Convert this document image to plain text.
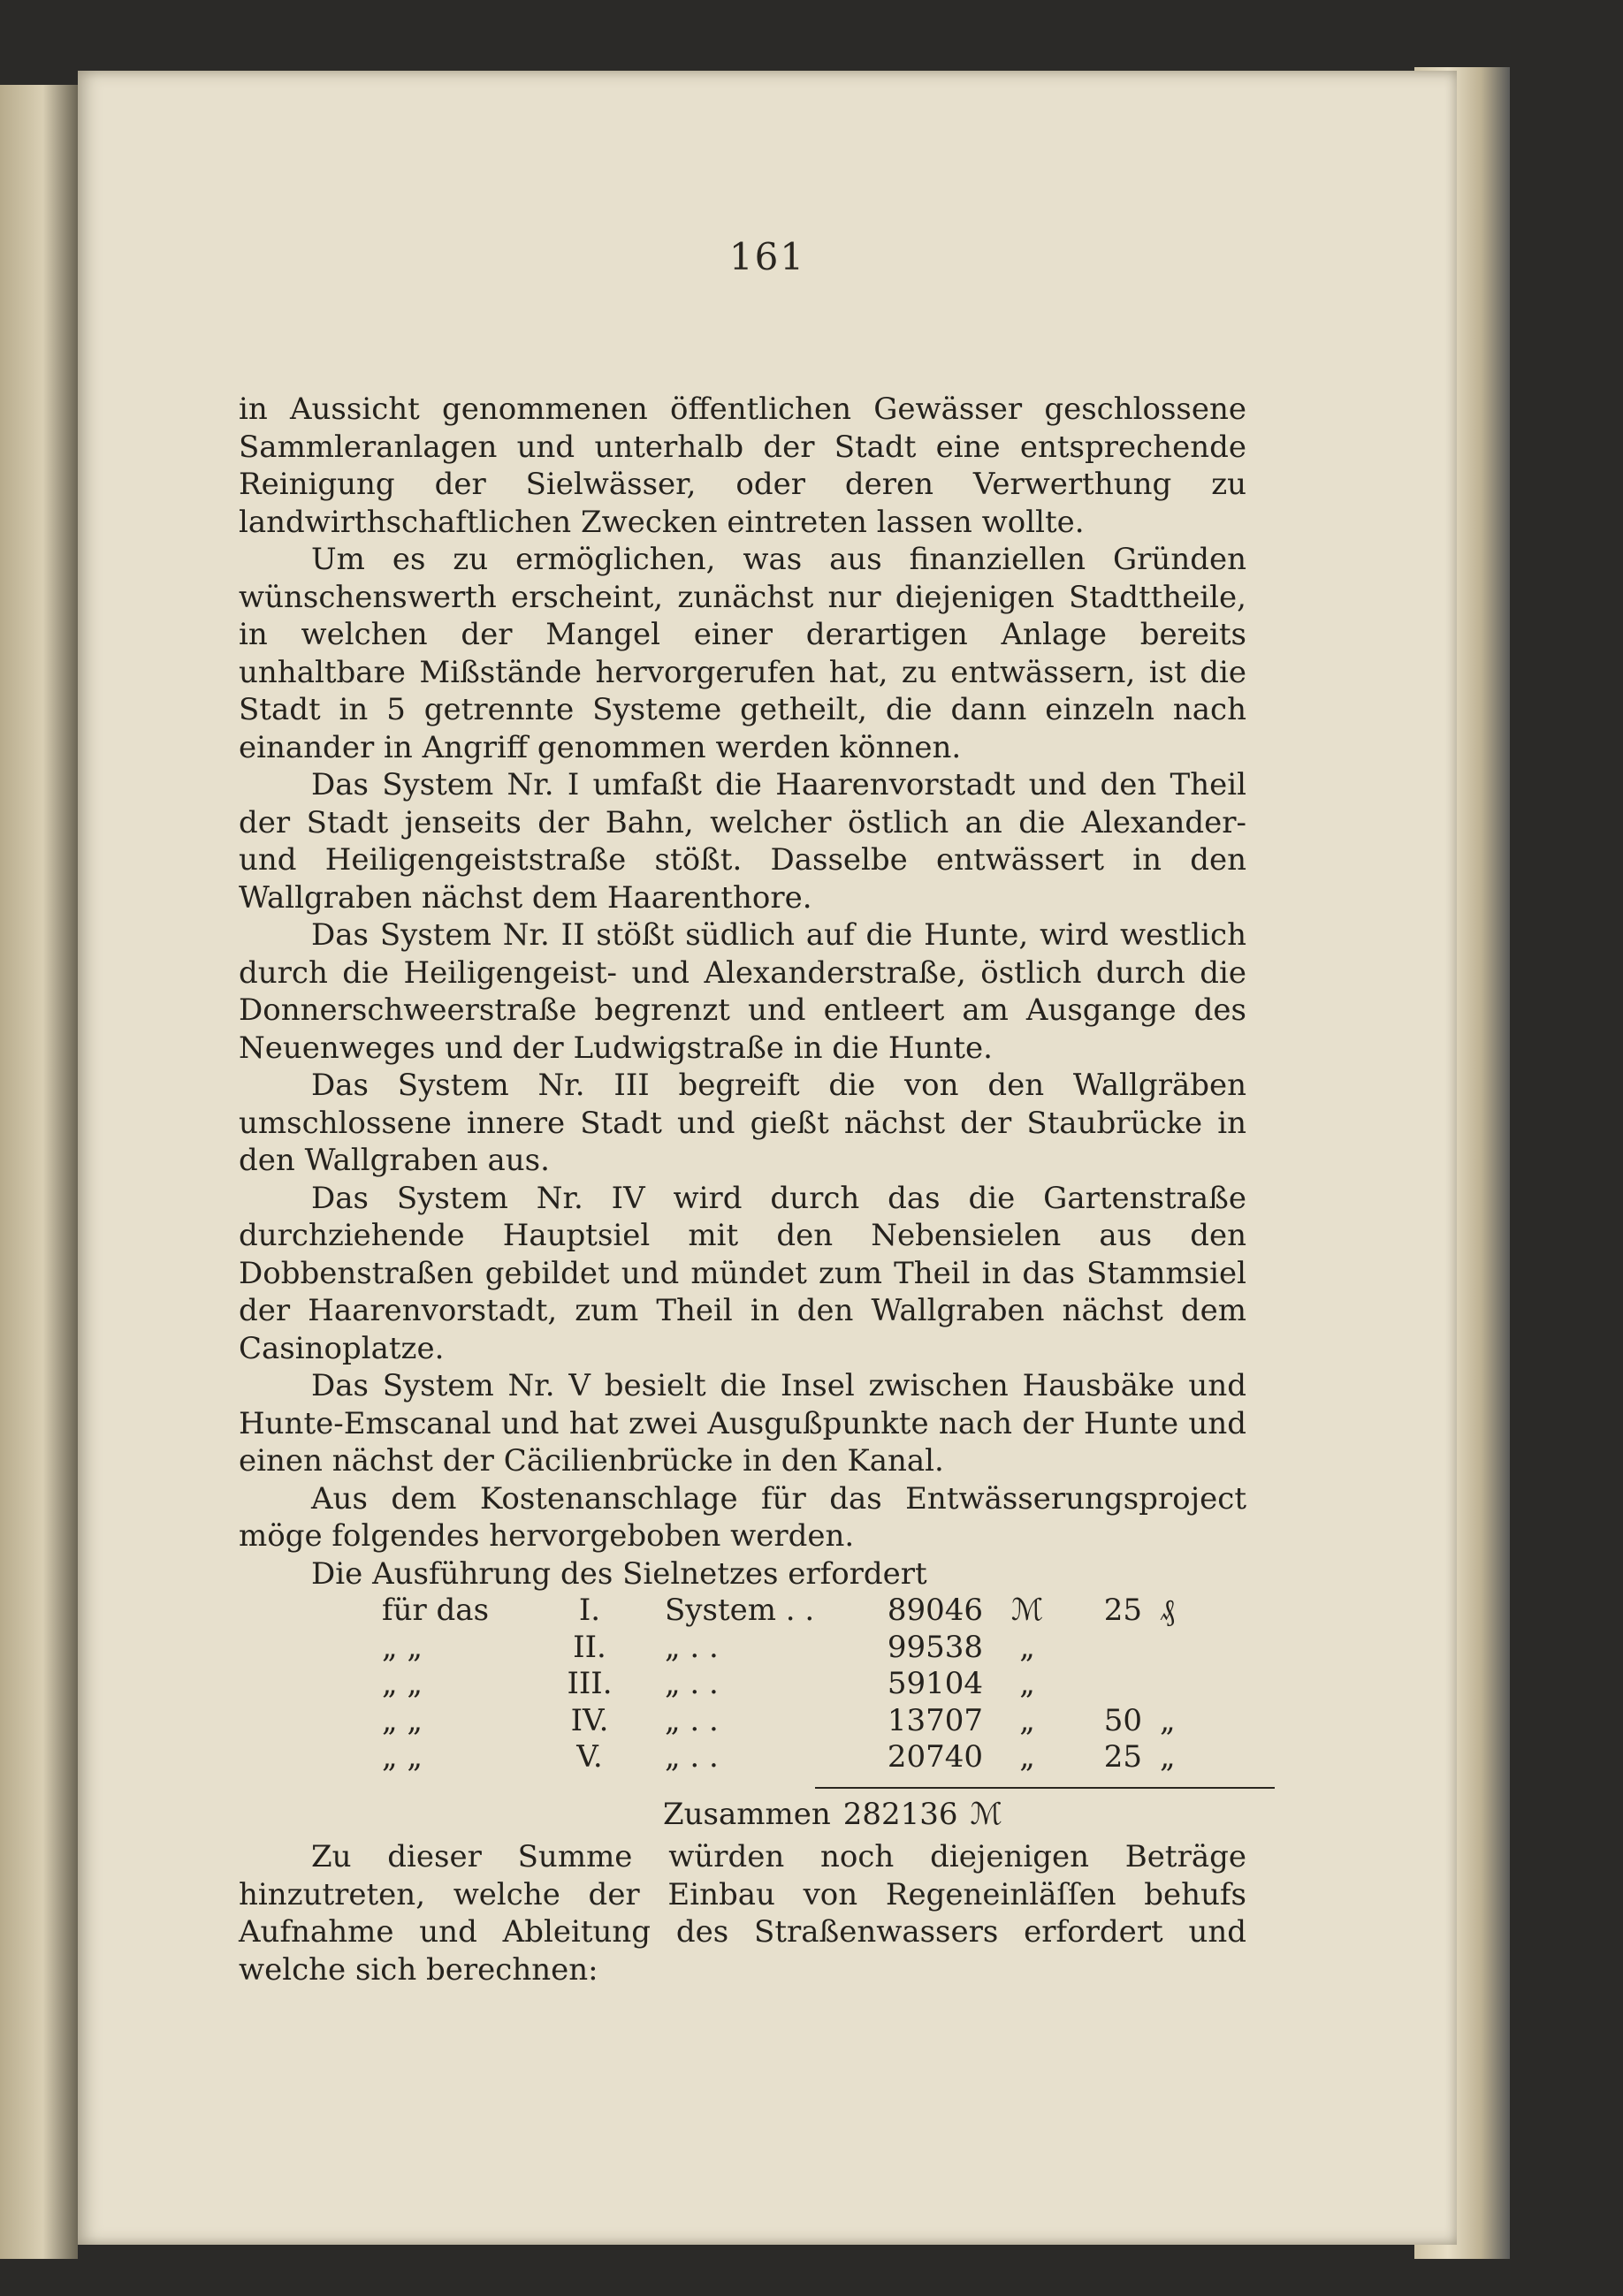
161

in Aussicht genommenen öffentlichen Gewässer geschlossene Sammleranlagen und unterhalb der Stadt eine entsprechende Reinigung der Sielwässer, oder deren Verwerthung zu landwirthschaftlichen Zwecken eintreten lassen wollte.

Um es zu ermöglichen, was aus finanziellen Gründen wünschenswerth erscheint, zunächst nur diejenigen Stadttheile, in welchen der Mangel einer derartigen Anlage bereits unhaltbare Mißstände hervorgerufen hat, zu entwässern, ist die Stadt in 5 getrennte Systeme getheilt, die dann einzeln nach einander in Angriff genommen werden können.

Das System Nr. I umfaßt die Haarenvorstadt und den Theil der Stadt jenseits der Bahn, welcher östlich an die Alexander- und Heiligengeiststraße stößt. Dasselbe entwässert in den Wallgraben nächst dem Haarenthore.

Das System Nr. II stößt südlich auf die Hunte, wird westlich durch die Heiligengeist- und Alexanderstraße, östlich durch die Donnerschweerstraße begrenzt und entleert am Ausgange des Neuenweges und der Ludwigstraße in die Hunte.

Das System Nr. III begreift die von den Wallgräben umschlossene innere Stadt und gießt nächst der Staubrücke in den Wallgraben aus.

Das System Nr. IV wird durch das die Gartenstraße durchziehende Hauptsiel mit den Nebensielen aus den Dobbenstraßen gebildet und mündet zum Theil in das Stammsiel der Haarenvorstadt, zum Theil in den Wallgraben nächst dem Casinoplatze.

Das System Nr. V besielt die Insel zwischen Hausbäke und Hunte-Emscanal und hat zwei Ausgußpunkte nach der Hunte und einen nächst der Cäcilienbrücke in den Kanal.

Aus dem Kostenanschlage für das Entwässerungsproject möge folgendes hervorgeboben werden.

Die Ausführung des Sielnetzes erfordert

für das	I.	System . .	89046	ℳ	25	₰
„ „	II.	„ . .	99538	„		
„ „	III.	„ . .	59104	„		
„ „	IV.	„ . .	13707	„	50	„
„ „	V.	„ . .	20740	„	25	„

Zusammen 282136 ℳ

Zu dieser Summe würden noch diejenigen Beträge hinzutreten, welche der Einbau von Regeneinläſſen behufs Aufnahme und Ableitung des Straßenwassers erfordert und welche sich berechnen:
